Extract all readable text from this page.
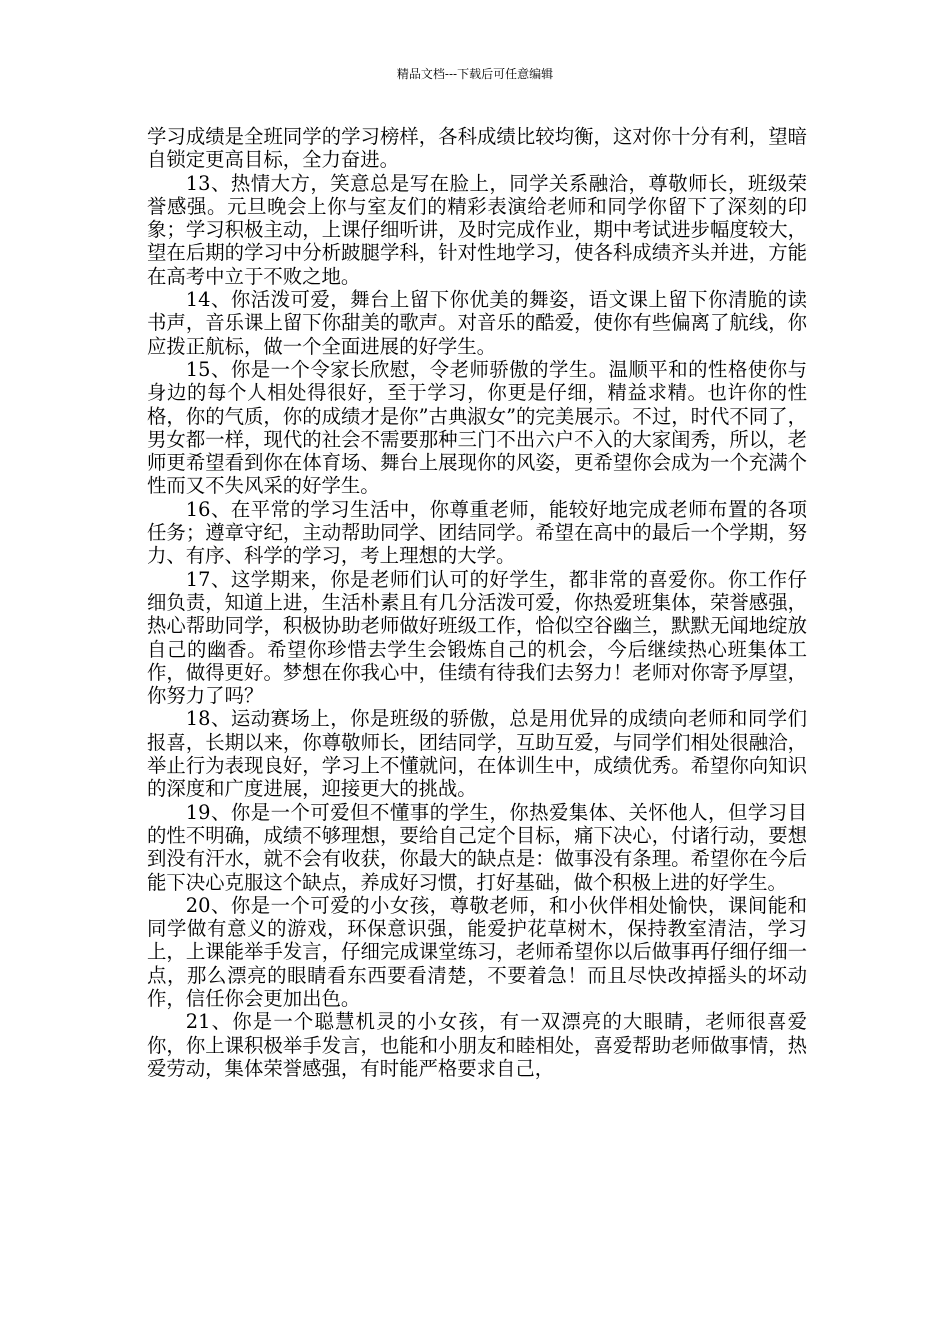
精品文档---下载后可任意编辑

学习成绩是全班同学的学习榜样，各科成绩比较均衡，这对你十分有利，望暗自锁定更高目标，全力奋进。

13、热情大方，笑意总是写在脸上，同学关系融洽，尊敬师长，班级荣誉感强。元旦晚会上你与室友们的精彩表演给老师和同学你留下了深刻的印象；学习积极主动，上课仔细听讲，及时完成作业，期中考试进步幅度较大，望在后期的学习中分析跛腿学科，针对性地学习，使各科成绩齐头并进，方能在高考中立于不败之地。

14、你活泼可爱，舞台上留下你优美的舞姿，语文课上留下你清脆的读书声，音乐课上留下你甜美的歌声。对音乐的酷爱，使你有些偏离了航线，你应拨正航标，做一个全面进展的好学生。

15、你是一个令家长欣慰，令老师骄傲的学生。温顺平和的性格使你与身边的每个人相处得很好，至于学习，你更是仔细，精益求精。也许你的性格，你的气质，你的成绩才是你”古典淑女”的完美展示。不过，时代不同了，男女都一样，现代的社会不需要那种三门不出六户不入的大家闺秀，所以，老师更希望看到你在体育场、舞台上展现你的风姿，更希望你会成为一个充满个性而又不失风采的好学生。

16、在平常的学习生活中，你尊重老师，能较好地完成老师布置的各项任务；遵章守纪，主动帮助同学、团结同学。希望在高中的最后一个学期，努力、有序、科学的学习，考上理想的大学。

17、这学期来，你是老师们认可的好学生，都非常的喜爱你。你工作仔细负责，知道上进，生活朴素且有几分活泼可爱，你热爱班集体，荣誉感强，热心帮助同学，积极协助老师做好班级工作，恰似空谷幽兰，默默无闻地绽放自己的幽香。希望你珍惜去学生会锻炼自己的机会，今后继续热心班集体工作，做得更好。梦想在你我心中，佳绩有待我们去努力！老师对你寄予厚望，你努力了吗？

18、运动赛场上，你是班级的骄傲，总是用优异的成绩向老师和同学们报喜，长期以来，你尊敬师长，团结同学，互助互爱，与同学们相处很融洽，举止行为表现良好，学习上不懂就问，在体训生中，成绩优秀。希望你向知识的深度和广度进展，迎接更大的挑战。

19、你是一个可爱但不懂事的学生，你热爱集体、关怀他人，但学习目的性不明确，成绩不够理想，要给自己定个目标，痛下决心，付诸行动，要想到没有汗水，就不会有收获，你最大的缺点是：做事没有条理。希望你在今后能下决心克服这个缺点，养成好习惯，打好基础，做个积极上进的好学生。

20、你是一个可爱的小女孩，尊敬老师，和小伙伴相处愉快，课间能和同学做有意义的游戏，环保意识强，能爱护花草树木，保持教室清洁，学习上，上课能举手发言，仔细完成课堂练习，老师希望你以后做事再仔细仔细一点，那么漂亮的眼睛看东西要看清楚，不要着急！而且尽快改掉摇头的坏动作，信任你会更加出色。

21、你是一个聪慧机灵的小女孩，有一双漂亮的大眼睛，老师很喜爱你，你上课积极举手发言，也能和小朋友和睦相处，喜爱帮助老师做事情，热爱劳动，集体荣誉感强，有时能严格要求自己，
